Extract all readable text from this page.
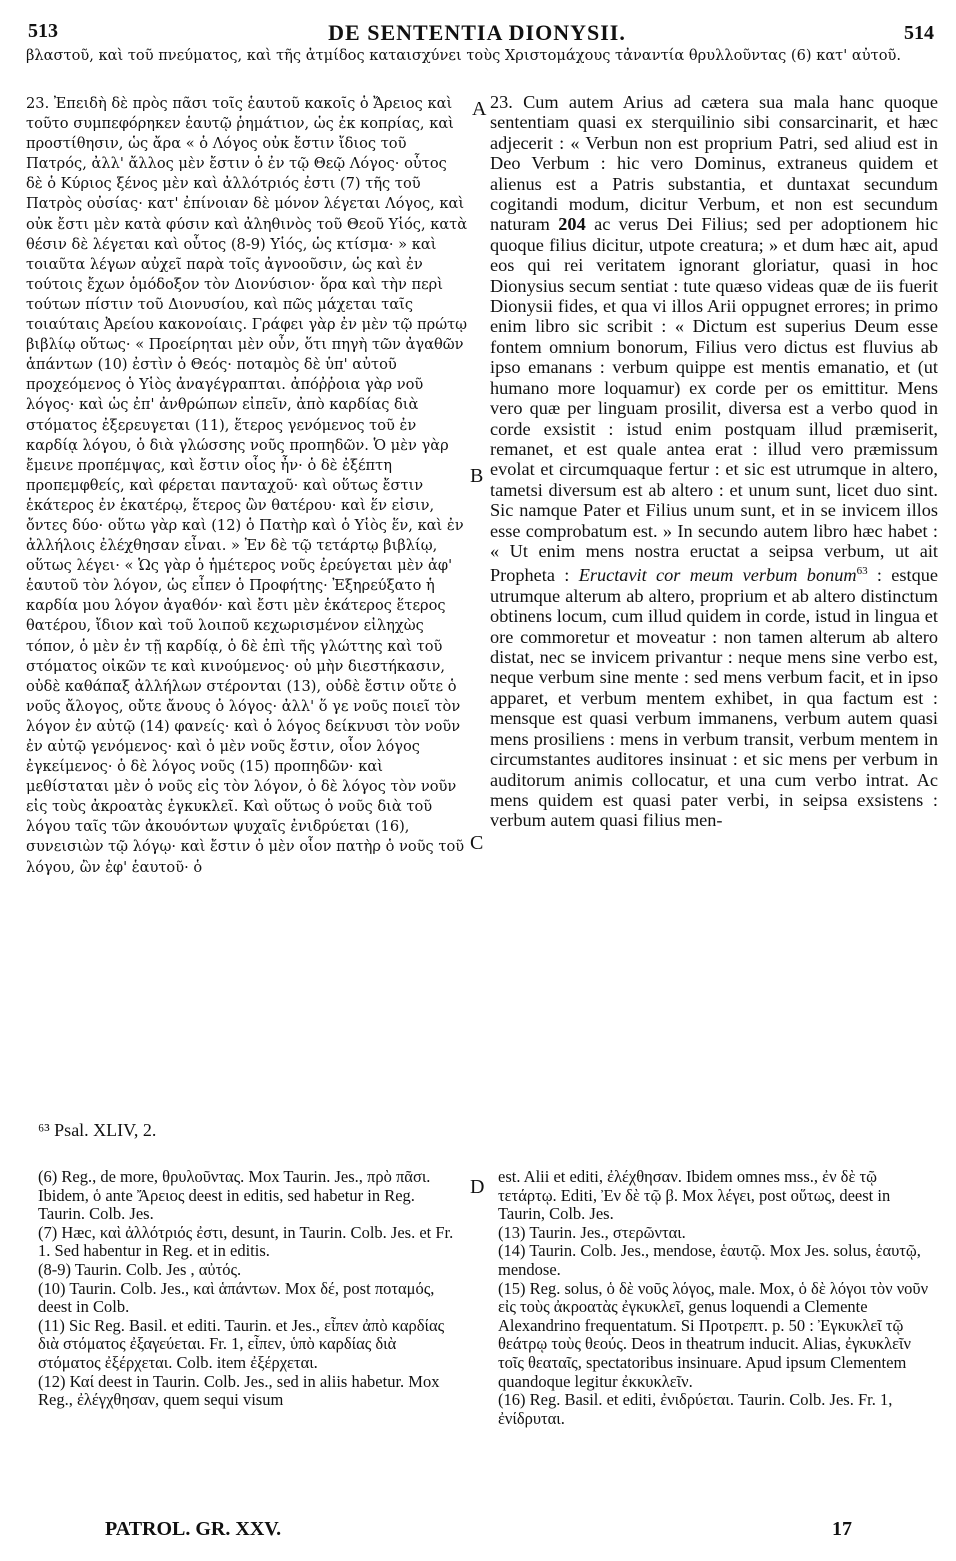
513	DE SENTENTIA DIONYSII.	514
βλαστοῦ, καὶ τοῦ πνεύματος, καὶ τῆς ἀτμίδος καταισχύνει τοὺς Χριστομάχους τἀναντία θρυλλοῦντας (6) κατ' αὐτοῦ.

23. Ἐπειδὴ δὲ πρὸς πᾶσι τοῖς ἑαυτοῦ κακοῖς ὁ Ἄρειος καὶ τοῦτο συμπεφόρηκεν ἑαυτῷ ῥημάτιον, ὡς ἐκ κοπρίας, καὶ προστίθησιν, ὡς ἄρα « ὁ Λόγος οὐκ ἔστιν ἴδιος τοῦ Πατρός, ἀλλ' ἄλλος μὲν ἔστιν ὁ ἐν τῷ Θεῷ Λόγος· οὗτος δὲ ὁ Κύριος ξένος μὲν καὶ ἀλλότριός ἐστι (7) τῆς τοῦ Πατρὸς οὐσίας· κατ' ἐπίνοιαν δὲ μόνον λέγεται Λόγος, καὶ οὐκ ἔστι μὲν κατὰ φύσιν καὶ ἀληθινὸς τοῦ Θεοῦ Υἱός, κατὰ θέσιν δὲ λέγεται καὶ οὗτος (8-9) Υἱός, ὡς κτίσμα· » καὶ τοιαῦτα λέγων αὐχεῖ παρὰ τοῖς ἀγνοοῦσιν, ὡς καὶ ἐν τούτοις ἔχων ὁμόδοξον τὸν Διονύσιον· ὅρα καὶ τὴν περὶ τούτων πίστιν τοῦ Διονυσίου, καὶ πῶς μάχεται ταῖς τοιαύταις Ἀρείου κακονοίαις. Γράφει γὰρ ἐν μὲν τῷ πρώτῳ βιβλίῳ οὕτως· « Προείρηται μὲν οὖν, ὅτι πηγὴ τῶν ἀγαθῶν ἁπάντων (10) ἐστὶν ὁ Θεός· ποταμὸς δὲ ὑπ' αὐτοῦ προχεόμενος ὁ Υἱὸς ἀναγέγραπται. ἀπόῤῥοια γὰρ νοῦ λόγος· καὶ ὡς ἐπ' ἀνθρώπων εἰπεῖν, ἀπὸ καρδίας διὰ στόματος ἐξερευγεται (11), ἕτερος γενόμενος τοῦ ἐν καρδίᾳ λόγου, ὁ διὰ γλώσσης νοῦς προπηδῶν. Ὁ μὲν γὰρ ἔμεινε προπέμψας, καὶ ἔστιν οἷος ἦν· ὁ δὲ ἐξέπτη προπεμφθείς, καὶ φέρεται πανταχοῦ· καὶ οὕτως ἔστιν ἑκάτερος ἐν ἑκατέρῳ, ἕτερος ὢν θατέρου· καὶ ἕν εἰσιν, ὄντες δύο· οὕτω γὰρ καὶ (12) ὁ Πατὴρ καὶ ὁ Υἱὸς ἕν, καὶ ἐν ἀλλήλοις ἐλέχθησαν εἶναι. » Ἐν δὲ τῷ τετάρτῳ βιβλίῳ, οὕτως λέγει· « Ὡς γὰρ ὁ ἡμέτερος νοῦς ἐρεύγεται μὲν ἀφ' ἑαυτοῦ τὸν λόγον, ὡς εἶπεν ὁ Προφήτης· Ἐξηρεύξατο ἡ καρδία μου λόγον ἀγαθόν· καὶ ἔστι μὲν ἑκάτερος ἕτερος θατέρου, ἴδιον καὶ τοῦ λοιποῦ κεχωρισμένον εἰληχὼς τόπον, ὁ μὲν ἐν τῇ καρδίᾳ, ὁ δὲ ἐπὶ τῆς γλώττης καὶ τοῦ στόματος οἰκῶν τε καὶ κινούμενος· οὐ μὴν διεστήκασιν, οὐδὲ καθάπαξ ἀλλήλων στέρονται (13), οὐδὲ ἔστιν οὔτε ὁ νοῦς ἄλογος, οὔτε ἄνους ὁ λόγος· ἀλλ' ὅ γε νοῦς ποιεῖ τὸν λόγον ἐν αὐτῷ (14) φανείς· καὶ ὁ λόγος δείκνυσι τὸν νοῦν ἐν αὐτῷ γενόμενος· καὶ ὁ μὲν νοῦς ἔστιν, οἷον λόγος ἐγκείμενος· ὁ δὲ λόγος νοῦς (15) προπηδῶν· καὶ μεθίσταται μὲν ὁ νοῦς εἰς τὸν λόγον, ὁ δὲ λόγος τὸν νοῦν εἰς τοὺς ἀκροατὰς ἐγκυκλεῖ. Καὶ οὕτως ὁ νοῦς διὰ τοῦ λόγου ταῖς τῶν ἀκουόντων ψυχαῖς ἐνιδρύεται (16), συνεισιὼν τῷ λόγῳ· καὶ ἔστιν ὁ μὲν οἷον πατὴρ ὁ νοῦς τοῦ λόγου, ὢν ἐφ' ἑαυτοῦ· ὁ

23. Cum autem Arius ad cætera sua mala hanc quoque sententiam quasi ex sterquilinio sibi consarcinarit, et hæc adjecerit : « Verbun non est proprium Patri, sed aliud est in Deo Verbum : hic vero Dominus, extraneus quidem et alienus est a Patris substantia, et duntaxat secundum cogitandi modum, dicitur Verbum, et non est secundum naturam 204 ac verus Dei Filius; sed per adoptionem hic quoque filius dicitur, utpote creatura; » et dum hæc ait, apud eos qui rei veritatem ignorant gloriatur, quasi in hoc Dionysius secum sentiat : tute quæso videas quæ de iis fuerit Dionysii fides, et qua vi illos Arii oppugnet errores; in primo enim libro sic scribit : « Dictum est superius Deum esse fontem omnium bonorum, Filius vero dictus est fluvius ab ipso emanans : verbum quippe est mentis emanatio, et (ut humano more loquamur) ex corde per os emittitur. Mens vero quæ per linguam prosilit, diversa est a verbo quod in corde exsistit : istud enim postquam illud præmiserit, remanet, et est quale antea erat : illud vero præmissum evolat et circumquaque fertur : et sic est utrumque in altero, tametsi diversum est ab altero : et unum sunt, licet duo sint. Sic namque Pater et Filius unum sunt, et in se invicem illos esse comprobatum est. » In secundo autem libro hæc habet : « Ut enim mens nostra eructat a seipsa verbum, ut ait Propheta : Eructavit cor meum verbum bonum$^{63}$ : estque utrumque alterum ab altero, proprium et ab altero distinctum obtinens locum, cum illud quidem in corde, istud in lingua et ore commoretur et moveatur : non tamen alterum ab altero distat, nec se invicem privantur : neque mens sine verbo est, neque verbum sine mente : sed mens verbum facit, et in ipso apparet, et verbum mentem exhibet, in qua factum est : mensque est quasi verbum immanens, verbum autem quasi mens prosiliens : mens in verbum transit, verbum mentem in circumstantes auditores insinuat : et sic mens per verbum in auditorum animis collocatur, et una cum verbo intrat. Ac mens quidem est quasi pater verbi, in seipsa exsistens : verbum autem quasi filius men-

A
B
C
D
⁶³ Psal. XLIV, 2.

(6) Reg., de more, θρυλοῦντας. Mox Taurin. Jes., πρὸ πᾶσι. Ibidem, ὁ ante Ἄρειος deest in editis, sed habetur in Reg. Taurin. Colb. Jes.

(7) Hæc, καὶ ἀλλότριός ἐστι, desunt, in Taurin. Colb. Jes. et Fr. 1. Sed habentur in Reg. et in editis.

(8-9) Taurin. Colb. Jes , αὐτός.

(10) Taurin. Colb. Jes., καὶ ἁπάντων. Mox δέ, post ποταμός, deest in Colb.

(11) Sic Reg. Basil. et editi. Taurin. et Jes., εἶπεν ἀπὸ καρδίας διὰ στόματος ἐξαγεύεται. Fr. 1, εἶπεν, ὑπὸ καρδίας διὰ στόματος ἐξέρχεται. Colb. item ἐξέρχεται.

(12) Καί deest in Taurin. Colb. Jes., sed in aliis habetur. Mox Reg., ἐλέγχθησαν, quem sequi visum

est. Alii et editi, ἐλέχθησαν. Ibidem omnes mss., ἐν δὲ τῷ τετάρτῳ. Editi, Ἐν δὲ τῷ β. Mox λέγει, post οὕτως, deest in Taurin, Colb. Jes.

(13) Taurin. Jes., στερῶνται.

(14) Taurin. Colb. Jes., mendose, ἑαυτῷ. Mox Jes. solus, ἑαυτῷ, mendose.

(15) Reg. solus, ὁ δὲ νοῦς λόγος, male. Mox, ὁ δὲ λόγοι τὸν νοῦν εἰς τοὺς ἀκροατὰς ἐγκυκλεῖ, genus loquendi a Clemente Alexandrino frequentatum. Si Προτρεπτ. p. 50 : Ἐγκυκλεῖ τῷ θεάτρῳ τοὺς θεούς. Deos in theatrum inducit. Alias, ἐγκυκλεῖν τοῖς θεαταῖς, spectatoribus insinuare. Apud ipsum Clementem quandoque legitur ἐκκυκλεῖν.

(16) Reg. Basil. et editi, ἐνιδρύεται. Taurin. Colb. Jes. Fr. 1, ἐνίδρυται.

PATROL. GR. XXV.	17
